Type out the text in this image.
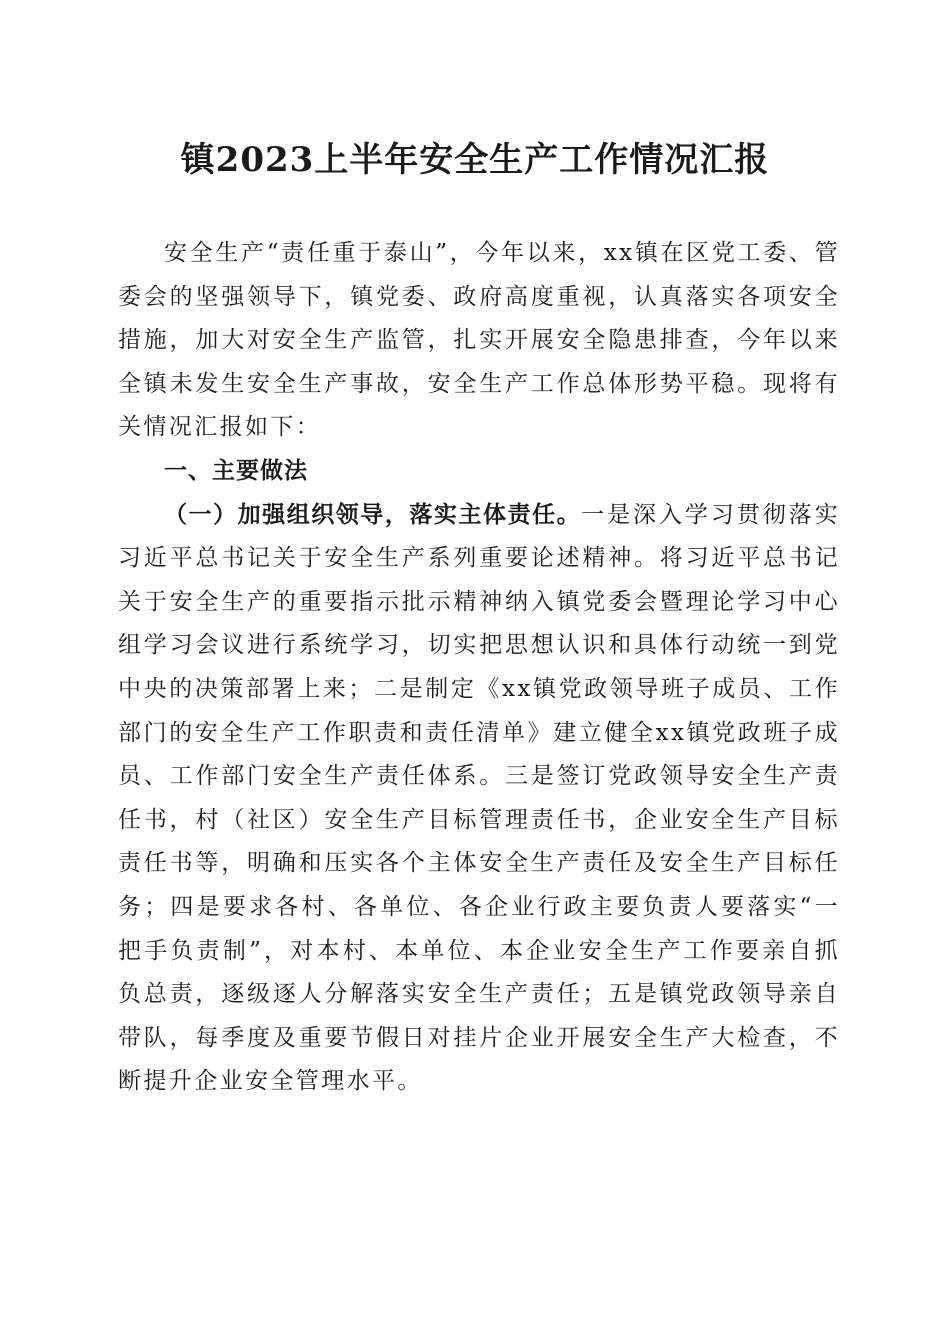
镇2023上半年安全生产工作情况汇报

安全生产“责任重于泰山”，今年以来，xx镇在区党工委、管委会的坚强领导下，镇党委、政府高度重视，认真落实各项安全措施，加大对安全生产监管，扎实开展安全隐患排查，今年以来全镇未发生安全生产事故，安全生产工作总体形势平稳。现将有关情况汇报如下：

一、主要做法

（一）加强组织领导，落实主体责任。一是深入学习贯彻落实习近平总书记关于安全生产系列重要论述精神。将习近平总书记关于安全生产的重要指示批示精神纳入镇党委会暨理论学习中心组学习会议进行系统学习，切实把思想认识和具体行动统一到党中央的决策部署上来；二是制定《xx镇党政领导班子成员、工作部门的安全生产工作职责和责任清单》建立健全xx镇党政班子成员、工作部门安全生产责任体系。三是签订党政领导安全生产责任书，村（社区）安全生产目标管理责任书，企业安全生产目标责任书等，明确和压实各个主体安全生产责任及安全生产目标任务；四是要求各村、各单位、各企业行政主要负责人要落实“一把手负责制”，对本村、本单位、本企业安全生产工作要亲自抓负总责，逐级逐人分解落实安全生产责任；五是镇党政领导亲自带队，每季度及重要节假日对挂片企业开展安全生产大检查，不断提升企业安全管理水平。
